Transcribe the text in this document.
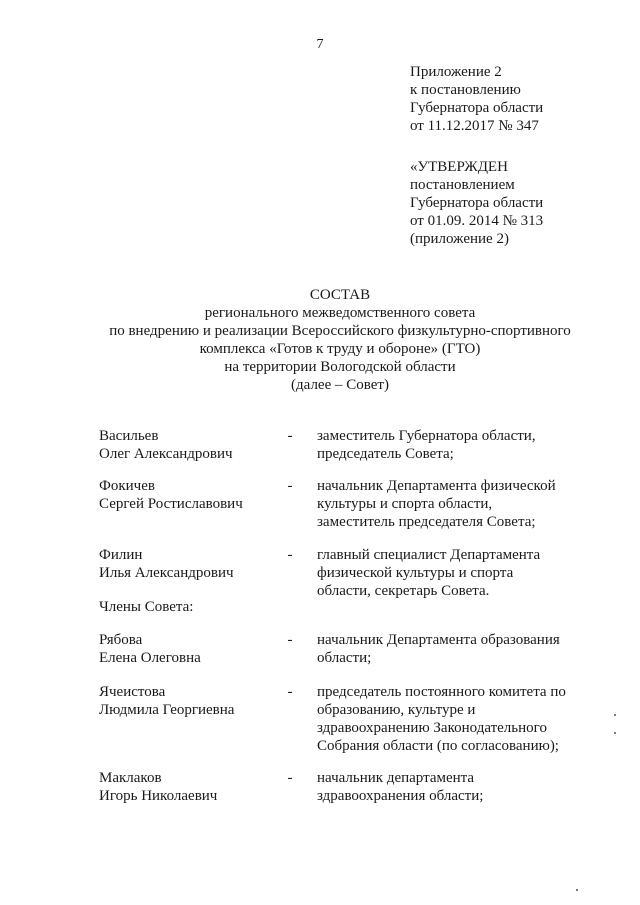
7
Приложение 2
к постановлению
Губернатора области
от 11.12.2017 № 347
«УТВЕРЖДЕН
постановлением
Губернатора области
от 01.09. 2014 № 313
(приложение 2)
СОСТАВ
регионального межведомственного совета
по внедрению и реализации Всероссийского физкультурно-спортивного
комплекса «Готов к труду и обороне» (ГТО)
на территории Вологодской области
(далее – Совет)
Васильев
Олег Александрович
- заместитель Губернатора области,
председатель Совета;
Фокичев
Сергей Ростиславович
- начальник Департамента физической
культуры и спорта области,
заместитель председателя Совета;
Филин
Илья Александрович
- главный специалист Департамента
физической культуры и спорта
области, секретарь Совета.
Члены Совета:
Рябова
Елена Олеговна
- начальник Департамента образования
области;
Ячеистова
Людмила Георгиевна
- председатель постоянного комитета по
образованию, культуре и
здравоохранению Законодательного
Собрания области (по согласованию);
Маклаков
Игорь Николаевич
- начальник департамента
здравоохранения области;
